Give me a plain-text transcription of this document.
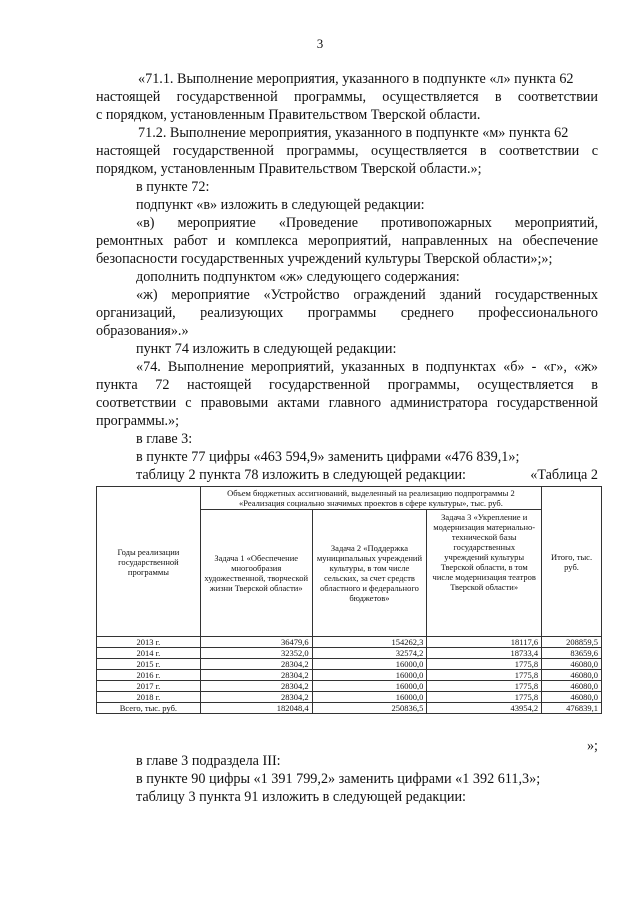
3
«71.1. Выполнение мероприятия, указанного в подпункте «л» пункта 62
настоящей государственной программы, осуществляется в соответствии
с порядком, установленным Правительством Тверской области.
71.2. Выполнение мероприятия, указанного в подпункте «м» пункта 62
настоящей государственной программы, осуществляется в соответствии с
порядком, установленным Правительством Тверской области.»;
в пункте 72:
подпункт «в» изложить в следующей редакции:
«в) мероприятие «Проведение противопожарных мероприятий,
ремонтных работ и комплекса мероприятий, направленных на обеспечение
безопасности государственных учреждений культуры Тверской области»;»;
дополнить подпунктом «ж» следующего содержания:
«ж) мероприятие «Устройство ограждений зданий государственных
организаций, реализующих программы среднего профессионального
образования».»
пункт 74 изложить в следующей редакции:
«74. Выполнение мероприятий, указанных в подпунктах «б» - «г», «ж»
пункта 72 настоящей государственной программы, осуществляется в
соответствии с правовыми актами главного администратора государственной
программы.»;
в главе 3:
в пункте 77 цифры «463 594,9» заменить цифрами «476 839,1»;
таблицу 2 пункта 78 изложить в следующей редакции:	«Таблица 2
Годы реализации государственной программы	Объем бюджетных ассигнований, выделенный на реализацию подпрограммы 2 «Реализация социально значимых проектов в сфере культуры», тыс. руб.			Итого, тыс. руб.
	Задача 1 «Обеспечение многообразия художественной, творческой жизни Тверской области»	Задача 2 «Поддержка муниципальных учреждений культуры, в том числе сельских, за счет средств областного и федерального бюджетов»	Задача 3 «Укрепление и модернизация материально-технической базы государственных учреждений культуры Тверской области, в том числе модернизация театров Тверской области»	
2013 г.	36479,6	154262,3	18117,6	208859,5
2014 г.	32352,0	32574,2	18733,4	83659,6
2015 г.	28304,2	16000,0	1775,8	46080,0
2016 г.	28304,2	16000,0	1775,8	46080,0
2017 г.	28304,2	16000,0	1775,8	46080,0
2018 г.	28304,2	16000,0	1775,8	46080,0
Всего, тыс. руб.	182048,4	250836,5	43954,2	476839,1
»;
в главе 3 подраздела III:
в пункте 90 цифры «1 391 799,2» заменить цифрами «1 392 611,3»;
таблицу 3 пункта 91 изложить в следующей редакции:
